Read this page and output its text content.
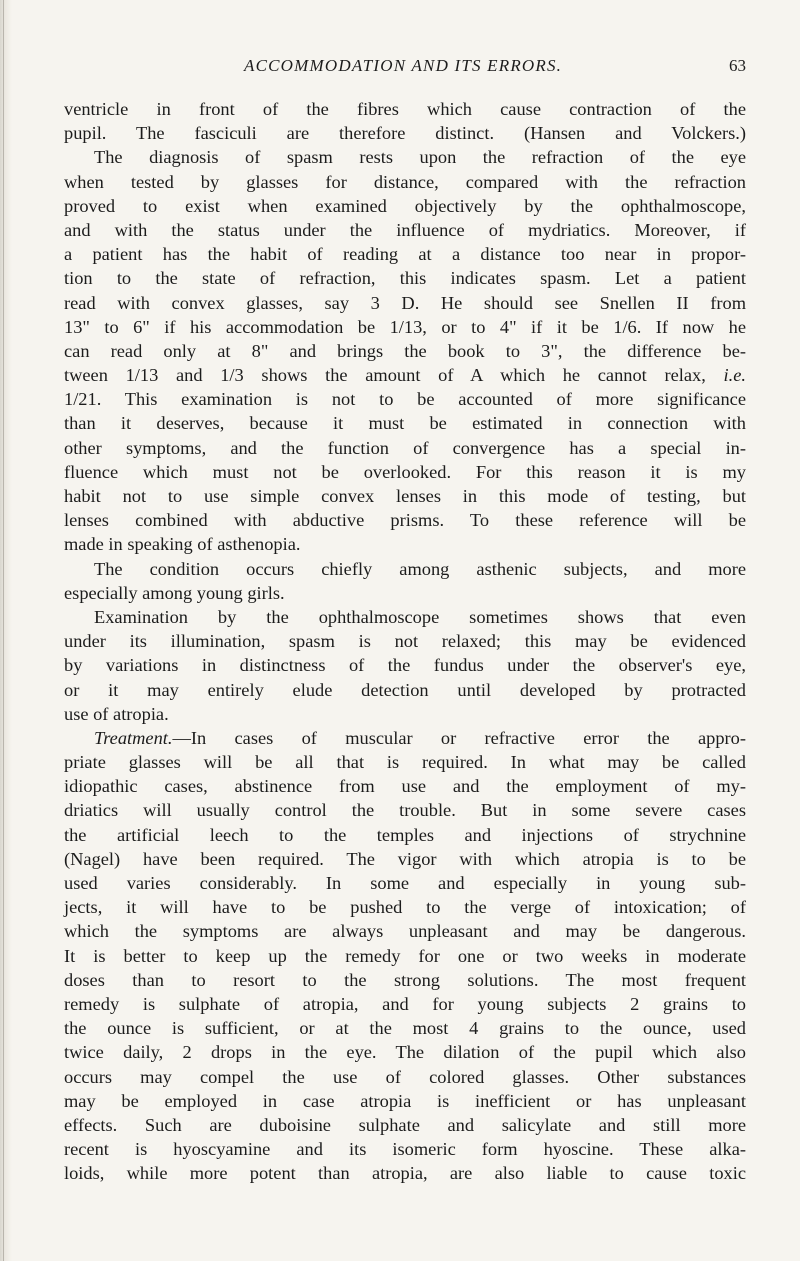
ACCOMMODATION AND ITS ERRORS.	63
ventricle in front of the fibres which cause contraction of the
pupil. The fasciculi are therefore distinct. (Hansen and Volckers.)
The diagnosis of spasm rests upon the refraction of the eye
when tested by glasses for distance, compared with the refraction
proved to exist when examined objectively by the ophthalmoscope,
and with the status under the influence of mydriatics. Moreover, if
a patient has the habit of reading at a distance too near in propor-
tion to the state of refraction, this indicates spasm. Let a patient
read with convex glasses, say 3 D. He should see Snellen II from
13" to 6" if his accommodation be 1/13, or to 4" if it be 1/6. If now he
can read only at 8" and brings the book to 3", the difference be-
tween 1/13 and 1/3 shows the amount of A which he cannot relax, i.e.
1/21. This examination is not to be accounted of more significance
than it deserves, because it must be estimated in connection with
other symptoms, and the function of convergence has a special in-
fluence which must not be overlooked. For this reason it is my
habit not to use simple convex lenses in this mode of testing, but
lenses combined with abductive prisms. To these reference will be
made in speaking of asthenopia.
The condition occurs chiefly among asthenic subjects, and more
especially among young girls.
Examination by the ophthalmoscope sometimes shows that even
under its illumination, spasm is not relaxed; this may be evidenced
by variations in distinctness of the fundus under the observer's eye,
or it may entirely elude detection until developed by protracted
use of atropia.
Treatment.—In cases of muscular or refractive error the appro-
priate glasses will be all that is required. In what may be called
idiopathic cases, abstinence from use and the employment of my-
driatics will usually control the trouble. But in some severe cases
the artificial leech to the temples and injections of strychnine
(Nagel) have been required. The vigor with which atropia is to be
used varies considerably. In some and especially in young sub-
jects, it will have to be pushed to the verge of intoxication; of
which the symptoms are always unpleasant and may be dangerous.
It is better to keep up the remedy for one or two weeks in moderate
doses than to resort to the strong solutions. The most frequent
remedy is sulphate of atropia, and for young subjects 2 grains to
the ounce is sufficient, or at the most 4 grains to the ounce, used
twice daily, 2 drops in the eye. The dilation of the pupil which also
occurs may compel the use of colored glasses. Other substances
may be employed in case atropia is inefficient or has unpleasant
effects. Such are duboisine sulphate and salicylate and still more
recent is hyoscyamine and its isomeric form hyoscine. These alka-
loids, while more potent than atropia, are also liable to cause toxic
